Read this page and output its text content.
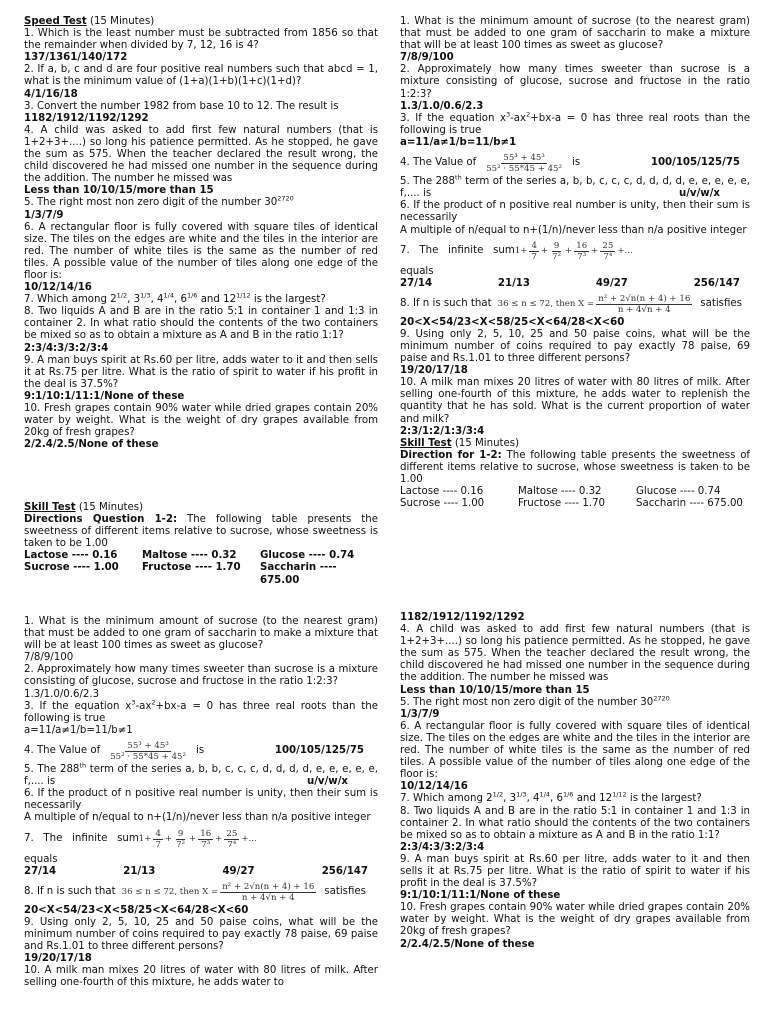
Speed Test (15 Minutes)

1. Which is the least number must be subtracted from 1856 so that the remainder when divided by 7, 12, 16 is 4?

137/1361/140/172

2. If a, b, c and d are four positive real numbers such that abcd = 1, what is the minimum value of (1+a)(1+b)(1+c)(1+d)?

4/1/16/18

3. Convert the number 1982 from base 10 to 12. The result is

1182/1912/1192/1292

4. A child was asked to add first few natural numbers (that is 1+2+3+....) so long his patience permitted. As he stopped, he gave the sum as 575. When the teacher declared the result wrong, the child discovered he had missed one number in the sequence during the addition. The number he missed was

Less than 10/10/15/more than 15

5. The right most non zero digit of the number $30^{2720}$

1/3/7/9

6. A rectangular floor is fully covered with square tiles of identical size. The tiles on the edges are white and the tiles in the interior are red. The number of white tiles is the same as the number of red tiles. A possible value of the number of tiles along one edge of the floor is:

10/12/14/16

7. Which among $2^{1/2}$, $3^{1/3}$, $4^{1/4}$, $6^{1/6}$ and $12^{1/12}$ is the largest?

8. Two liquids A and B are in the ratio 5:1 in container 1 and 1:3 in container 2. In what ratio should the contents of the two containers be mixed so as to obtain a mixture as A and B in the ratio 1:1?

2:3/4:3/3:2/3:4

9. A man buys spirit at Rs.60 per litre, adds water to it and then sells it at Rs.75 per litre. What is the ratio of spirit to water if his profit in the deal is 37.5%?

9:1/10:1/11:1/None of these

10. Fresh grapes contain 90% water while dried grapes contain 20% water by weight. What is the weight of dry grapes available from 20kg of fresh grapes?

2/2.4/2.5/None of these

Skill Test (15 Minutes)

Directions Question 1-2: The following table presents the sweetness of different items relative to sucrose, whose sweetness is taken to be 1.00

Lactose ---- 0.16	Maltose ---- 0.32	Glucose ---- 0.74
Sucrose ---- 1.00	Fructose ---- 1.70	Saccharin ---- 675.00

1. What is the minimum amount of sucrose (to the nearest gram) that must be added to one gram of saccharin to make a mixture that will be at least 100 times as sweet as glucose?

7/8/9/100

2. Approximately how many times sweeter than sucrose is a mixture consisting of glucose, sucrose and fructose in the ratio 1:2:3?

1.3/1.0/0.6/2.3

3. If the equation $x^3-ax^2+bx-a = 0$ has three real roots than the following is true

a=11/a≠1/b=11/b≠1

4. The Value of $\frac{\text{55³ + 45³}}{\text{55² · 55*45 + 45²}}$ is	100/105/125/75

5. The 288th term of the series a, b, b, c, c, c, d, d, d, d, e, e, e, e, e, f,.... is	u/v/w/x

6. If the product of n positive real number is unity, then their sum is necessarily

A multiple of n/equal to n+(1/n)/never less than n/a positive integer

7.   The   infinite   sum $1+ \frac{4}{7} + \frac{9}{\text{7²}} + \frac{16}{\text{7³}} + \frac{25}{\text{7⁴}}$ +...

equals

27/14	21/13	49/27	256/147
8. If n is such that 36 ≤ n ≤ 72, then $X = \frac{\text{n² + 2√n(n + 4) + 16}}{n + 4√n + 4}$ satisfies

20<X<54/23<X<58/25<X<64/28<X<60

9. Using only 2, 5, 10, 25 and 50 paise coins, what will be the minimum number of coins required to pay exactly 78 paise, 69 paise and Rs.1.01 to three different persons?

19/20/17/18

10. A milk man mixes 20 litres of water with 80 litres of milk. After selling one-fourth of this mixture, he adds water to replenish the quantity that he has sold. What is the current proportion of water and milk?

2:3/1:2/1:3/3:4

Skill Test (15 Minutes)

Direction for 1-2: The following table presents the sweetness of different items relative to sucrose, whose sweetness is taken to be 1.00

Lactose ---- 0.16	Maltose ---- 0.32	Glucose ---- 0.74
Sucrose ---- 1.00	Fructose ---- 1.70	Saccharin ---- 675.00

1. What is the minimum amount of sucrose (to the nearest gram) that must be added to one gram of saccharin to make a mixture that will be at least 100 times as sweet as glucose?

7/8/9/100

2. Approximately how many times sweeter than sucrose is a mixture consisting of glucose, sucrose and fructose in the ratio 1:2:3?

1.3/1.0/0.6/2.3

3. If the equation $x^3-ax^2+bx-a = 0$ has three real roots than the following is true

a=11/a≠1/b=11/b≠1

4. The Value of $\frac{\text{55³ + 45³}}{\text{55² · 55*45 + 45²}}$ is	100/105/125/75

5. The 288th term of the series a, b, b, c, c, c, d, d, d, d, e, e, e, e, e, f,.... is	u/v/w/x

6. If the product of n positive real number is unity, then their sum is necessarily

A multiple of n/equal to n+(1/n)/never less than n/a positive integer

7.   The   infinite   sum $1+ \frac{4}{7} + \frac{9}{\text{7²}} + \frac{16}{\text{7³}} + \frac{25}{\text{7⁴}}$ +...

equals

27/14	21/13	49/27	256/147
8. If n is such that 36 ≤ n ≤ 72, then $X = \frac{\text{n² + 2√n(n + 4) + 16}}{n + 4√n + 4}$ satisfies

20<X<54/23<X<58/25<X<64/28<X<60

9. Using only 2, 5, 10, 25 and 50 paise coins, what will be the minimum number of coins required to pay exactly 78 paise, 69 paise and Rs.1.01 to three different persons?

19/20/17/18

10. A milk man mixes 20 litres of water with 80 litres of milk. After selling one-fourth of this mixture, he adds water to

1182/1912/1192/1292

4. A child was asked to add first few natural numbers (that is 1+2+3+....) so long his patience permitted. As he stopped, he gave the sum as 575. When the teacher declared the result wrong, the child discovered he had missed one number in the sequence during the addition. The number he missed was

Less than 10/10/15/more than 15

5. The right most non zero digit of the number $30^{2720}$

1/3/7/9

6. A rectangular floor is fully covered with square tiles of identical size. The tiles on the edges are white and the tiles in the interior are red. The number of white tiles is the same as the number of red tiles. A possible value of the number of tiles along one edge of the floor is:

10/12/14/16

7. Which among $2^{1/2}$, $3^{1/3}$, $4^{1/4}$, $6^{1/6}$ and $12^{1/12}$ is the largest?

8. Two liquids A and B are in the ratio 5:1 in container 1 and 1:3 in container 2. In what ratio should the contents of the two containers be mixed so as to obtain a mixture as A and B in the ratio 1:1?

2:3/4:3/3:2/3:4

9. A man buys spirit at Rs.60 per litre, adds water to it and then sells it at Rs.75 per litre. What is the ratio of spirit to water if his profit in the deal is 37.5%?

9:1/10:1/11:1/None of these

10. Fresh grapes contain 90% water while dried grapes contain 20% water by weight. What is the weight of dry grapes available from 20kg of fresh grapes?

2/2.4/2.5/None of these
